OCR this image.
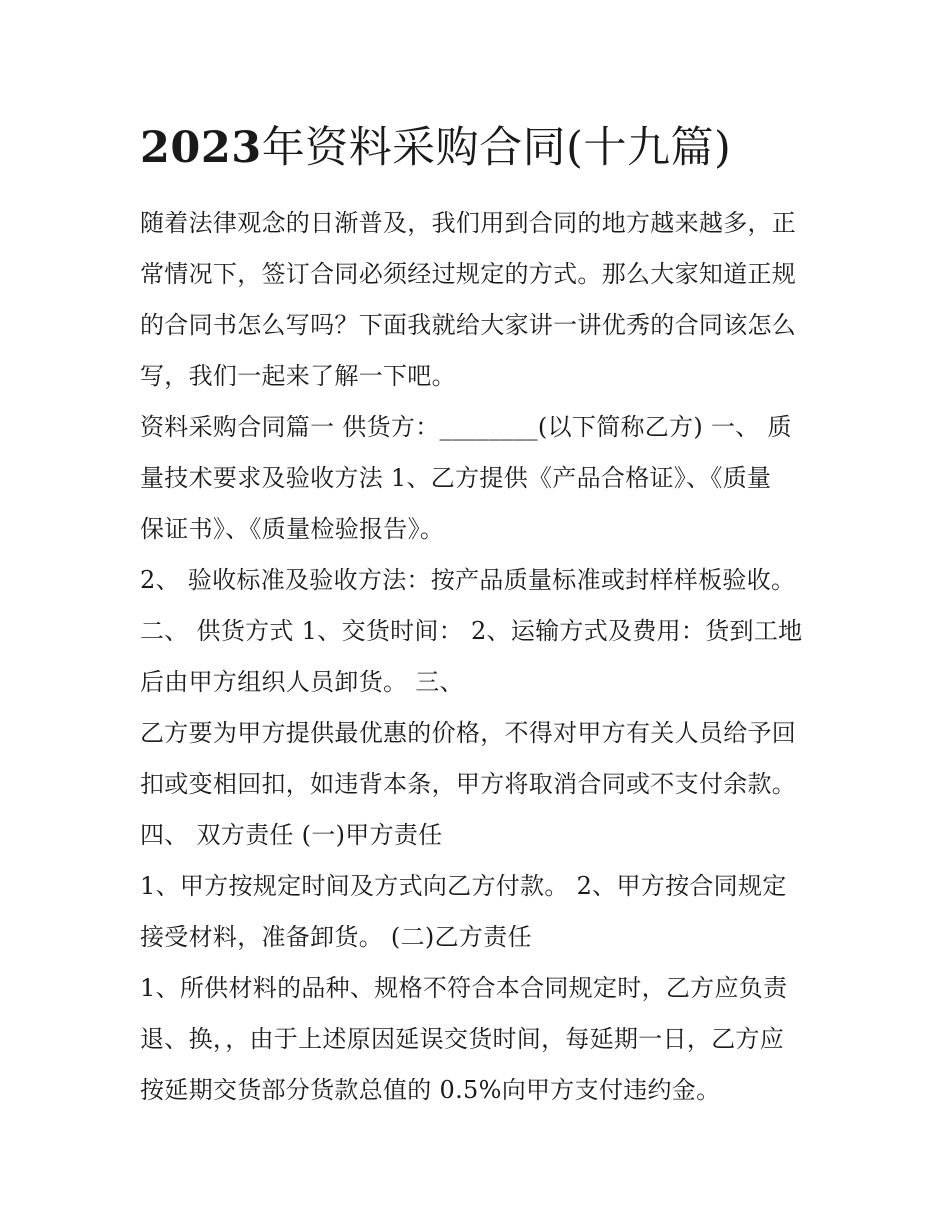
2023年资料采购合同(十九篇)

随着法律观念的日渐普及，我们用到合同的地方越来越多，正

常情况下，签订合同必须经过规定的方式。那么大家知道正规

的合同书怎么写吗？下面我就给大家讲一讲优秀的合同该怎么

写，我们一起来了解一下吧。

资料采购合同篇一 供货方：________(以下简称乙方) 一、 质

量技术要求及验收方法 1、乙方提供《产品合格证》、《质量

保证书》、《质量检验报告》。

2、 验收标准及验收方法：按产品质量标准或封样样板验收。

二、 供货方式 1、交货时间： 2、运输方式及费用：货到工地

后由甲方组织人员卸货。 三、

乙方要为甲方提供最优惠的价格，不得对甲方有关人员给予回

扣或变相回扣，如违背本条，甲方将取消合同或不支付余款。

四、 双方责任 (一)甲方责任

1、甲方按规定时间及方式向乙方付款。 2、甲方按合同规定

接受材料，准备卸货。 (二)乙方责任

1、所供材料的品种、规格不符合本合同规定时，乙方应负责

退、换，，由于上述原因延误交货时间，每延期一日，乙方应

按延期交货部分货款总值的 0.5%向甲方支付违约金。
